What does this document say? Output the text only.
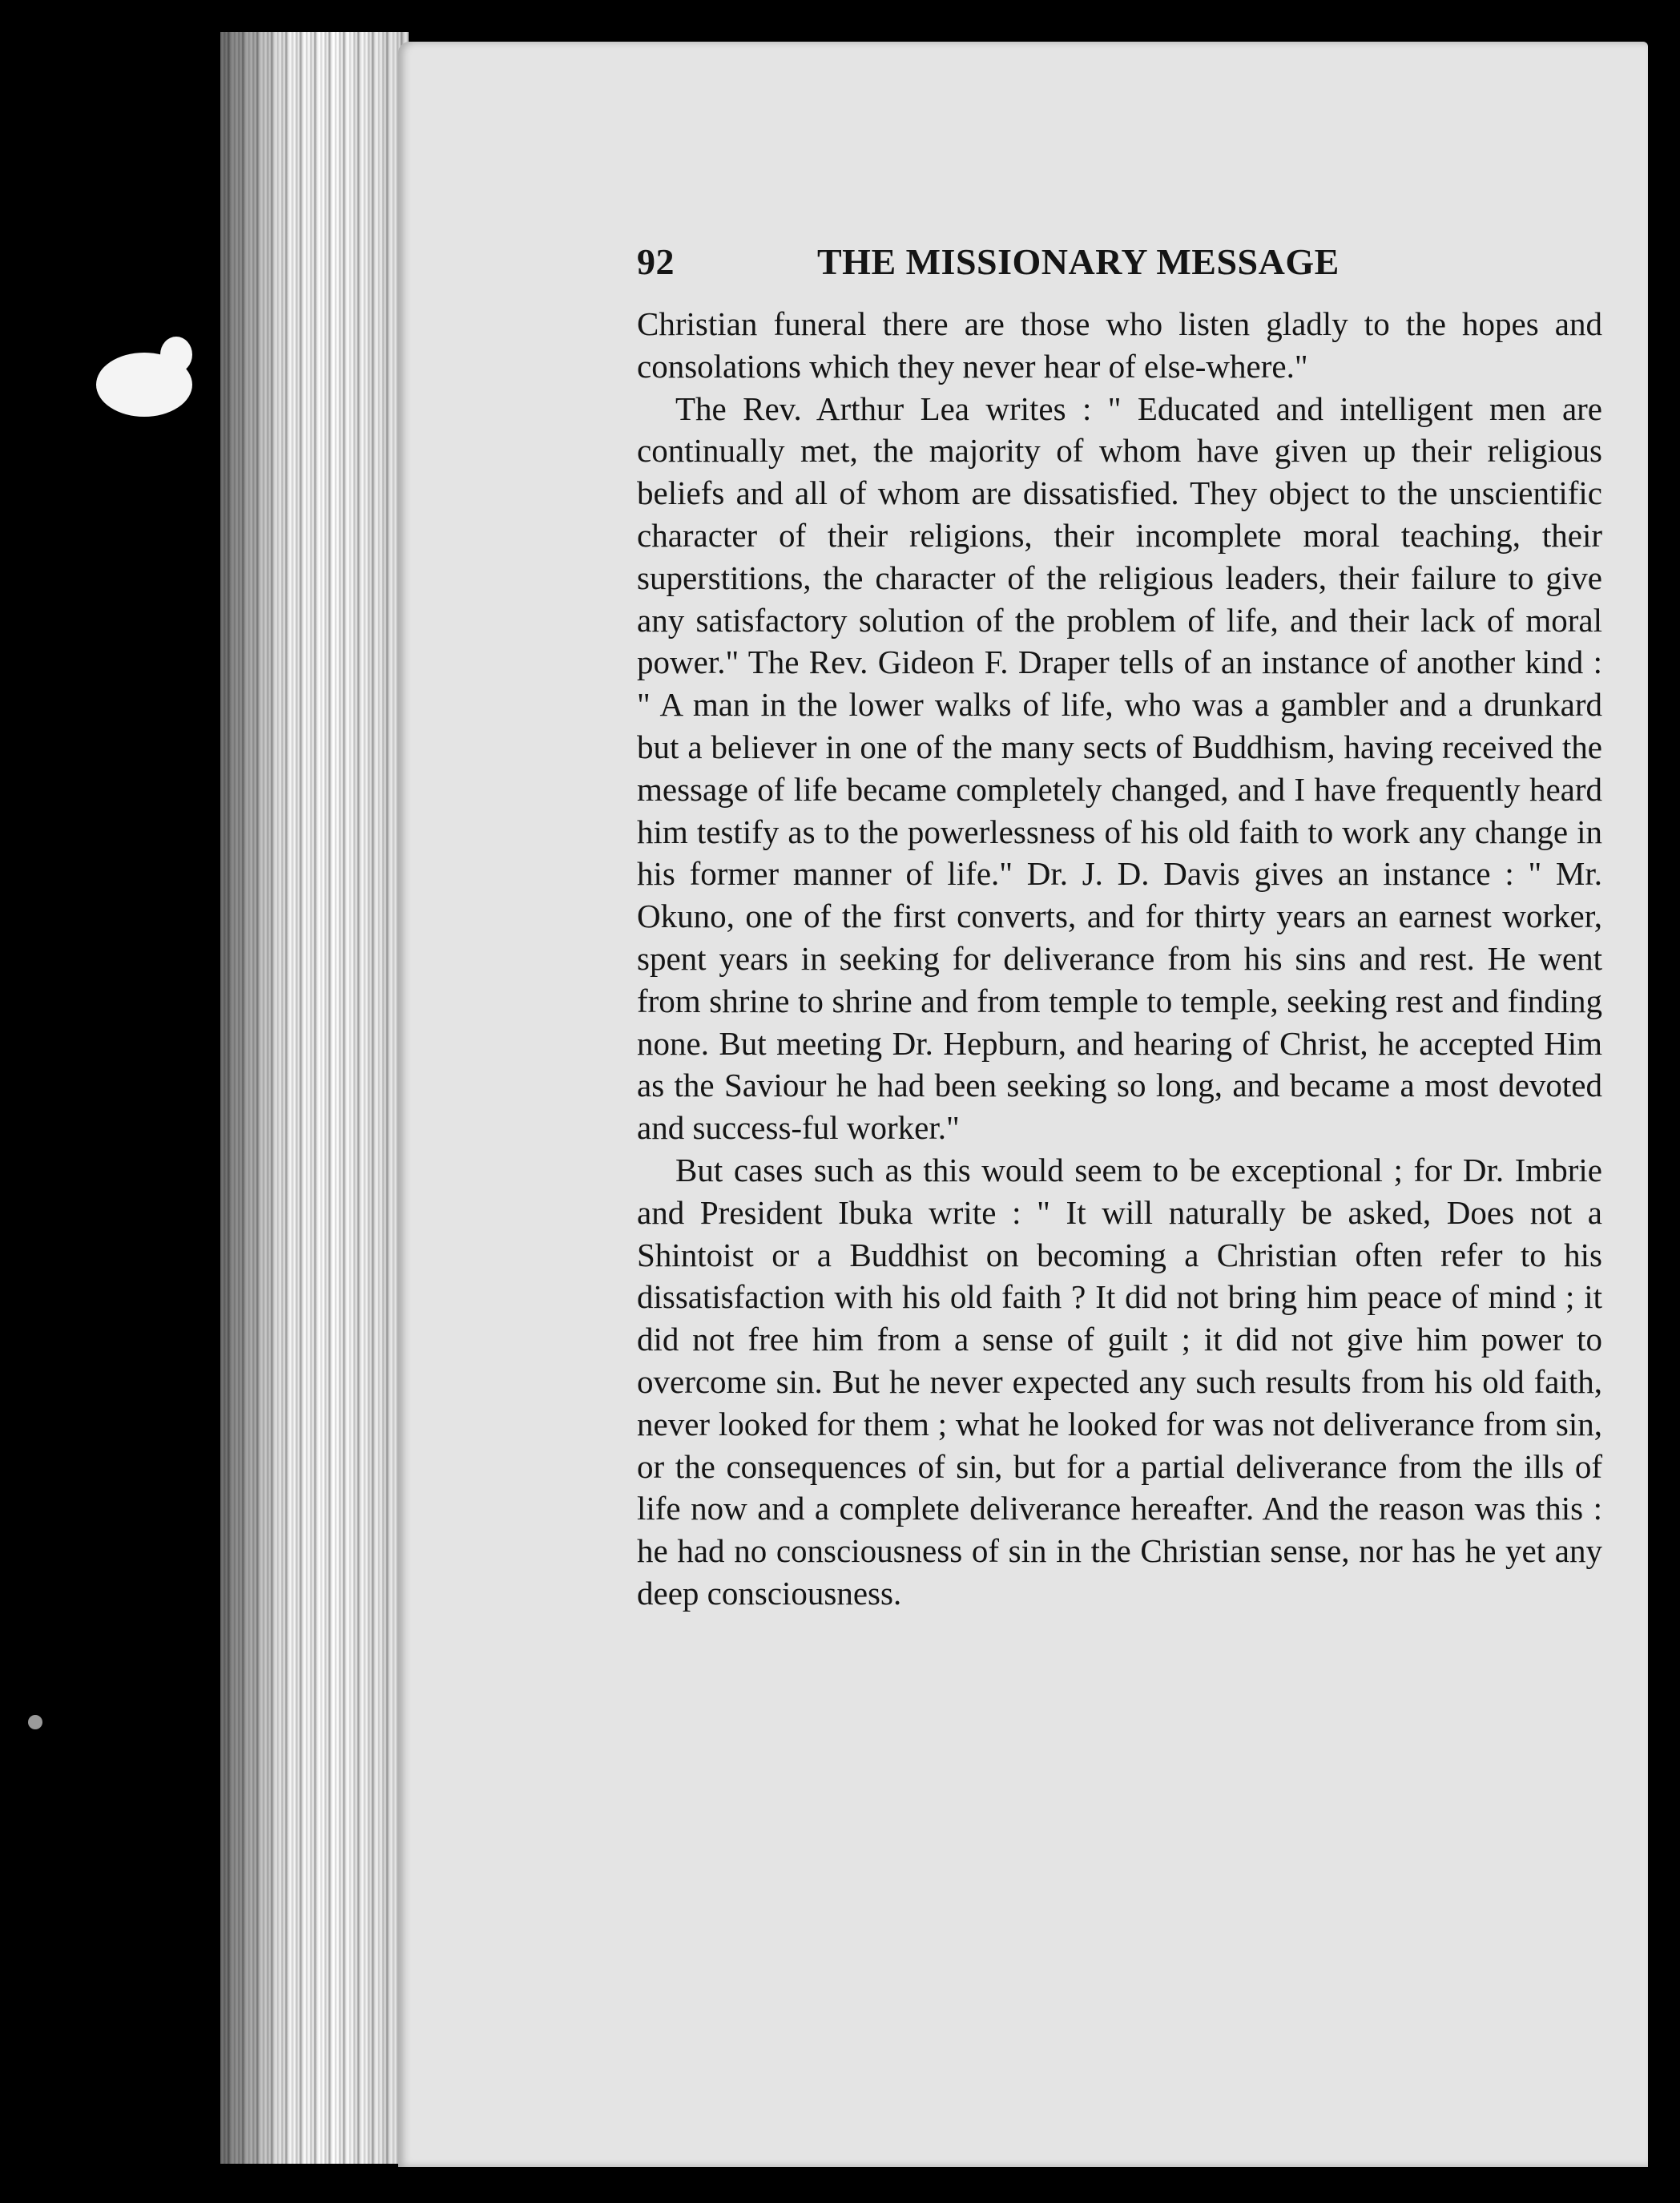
92	THE MISSIONARY MESSAGE

Christian funeral there are those who listen gladly to the hopes and consolations which they never hear of else-where."

The Rev. Arthur Lea writes : " Educated and intelligent men are continually met, the majority of whom have given up their religious beliefs and all of whom are dissatisfied. They object to the unscientific character of their religions, their incomplete moral teaching, their superstitions, the character of the religious leaders, their failure to give any satisfactory solution of the problem of life, and their lack of moral power." The Rev. Gideon F. Draper tells of an instance of another kind : " A man in the lower walks of life, who was a gambler and a drunkard but a believer in one of the many sects of Buddhism, having received the message of life became completely changed, and I have frequently heard him testify as to the powerlessness of his old faith to work any change in his former manner of life." Dr. J. D. Davis gives an instance : " Mr. Okuno, one of the first converts, and for thirty years an earnest worker, spent years in seeking for deliverance from his sins and rest. He went from shrine to shrine and from temple to temple, seeking rest and finding none. But meeting Dr. Hepburn, and hearing of Christ, he accepted Him as the Saviour he had been seeking so long, and became a most devoted and success-ful worker."

But cases such as this would seem to be exceptional ; for Dr. Imbrie and President Ibuka write : " It will naturally be asked, Does not a Shintoist or a Buddhist on becoming a Christian often refer to his dissatisfaction with his old faith ? It did not bring him peace of mind ; it did not free him from a sense of guilt ; it did not give him power to overcome sin. But he never expected any such results from his old faith, never looked for them ; what he looked for was not deliverance from sin, or the consequences of sin, but for a partial deliverance from the ills of life now and a complete deliverance hereafter. And the reason was this : he had no consciousness of sin in the Christian sense, nor has he yet any deep consciousness.
